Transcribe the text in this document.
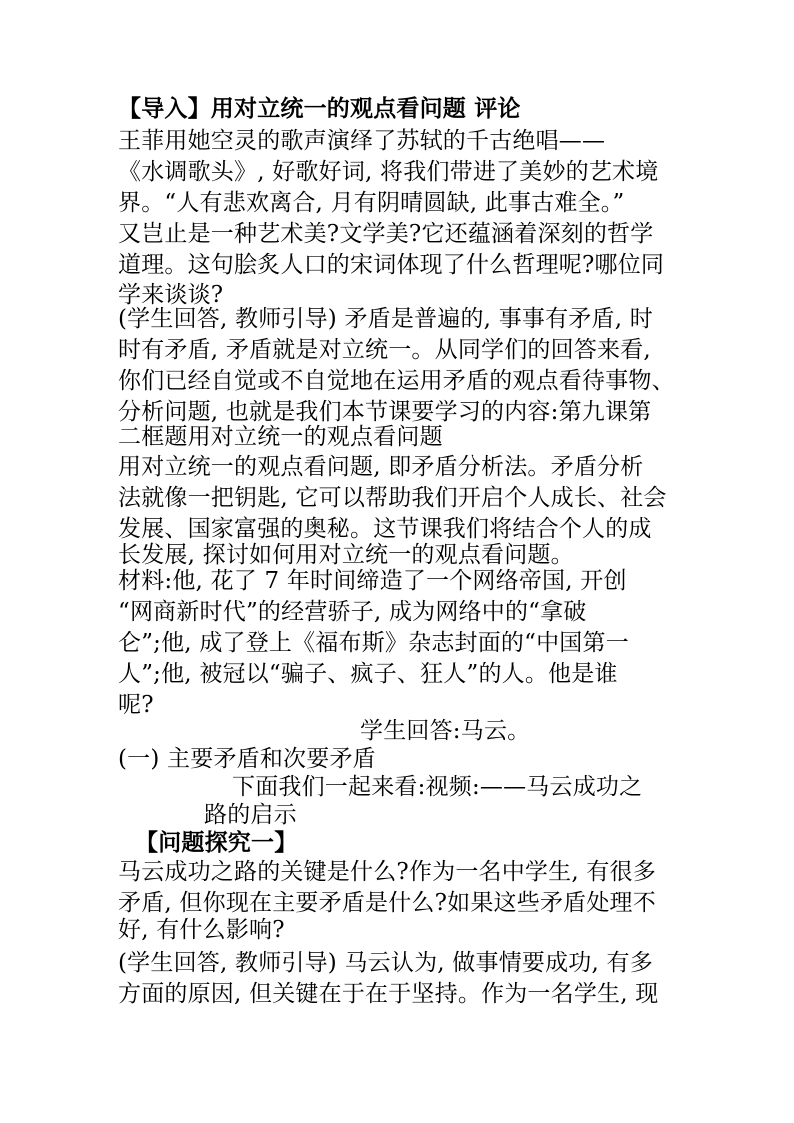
【导入】用对立统一的观点看问题 评论
王菲用她空灵的歌声演绎了苏轼的千古绝唱——
《水调歌头》, 好歌好词, 将我们带进了美妙的艺术境
界。“人有悲欢离合, 月有阴晴圆缺, 此事古难全。”
又岂止是一种艺术美?文学美?它还蕴涵着深刻的哲学
道理。这句脍炙人口的宋词体现了什么哲理呢?哪位同
学来谈谈?
(学生回答, 教师引导) 矛盾是普遍的, 事事有矛盾, 时
时有矛盾, 矛盾就是对立统一。从同学们的回答来看,
你们已经自觉或不自觉地在运用矛盾的观点看待事物、
分析问题, 也就是我们本节课要学习的内容:第九课第
二框题用对立统一的观点看问题
用对立统一的观点看问题, 即矛盾分析法。矛盾分析
法就像一把钥匙, 它可以帮助我们开启个人成长、社会
发展、国家富强的奥秘。这节课我们将结合个人的成
长发展, 探讨如何用对立统一的观点看问题。
材料:他, 花了 7 年时间缔造了一个网络帝国, 开创
“网商新时代”的经营骄子, 成为网络中的“拿破
仑”;他, 成了登上《福布斯》杂志封面的“中国第一
人”;他, 被冠以“骗子、疯子、狂人”的人。他是谁
呢?
学生回答:马云。
(一) 主要矛盾和次要矛盾
下面我们一起来看:视频:——马云成功之
路的启示
【问题探究一】
马云成功之路的关键是什么?作为一名中学生, 有很多
矛盾, 但你现在主要矛盾是什么?如果这些矛盾处理不
好, 有什么影响?
(学生回答, 教师引导) 马云认为, 做事情要成功, 有多
方面的原因, 但关键在于在于坚持。作为一名学生, 现
